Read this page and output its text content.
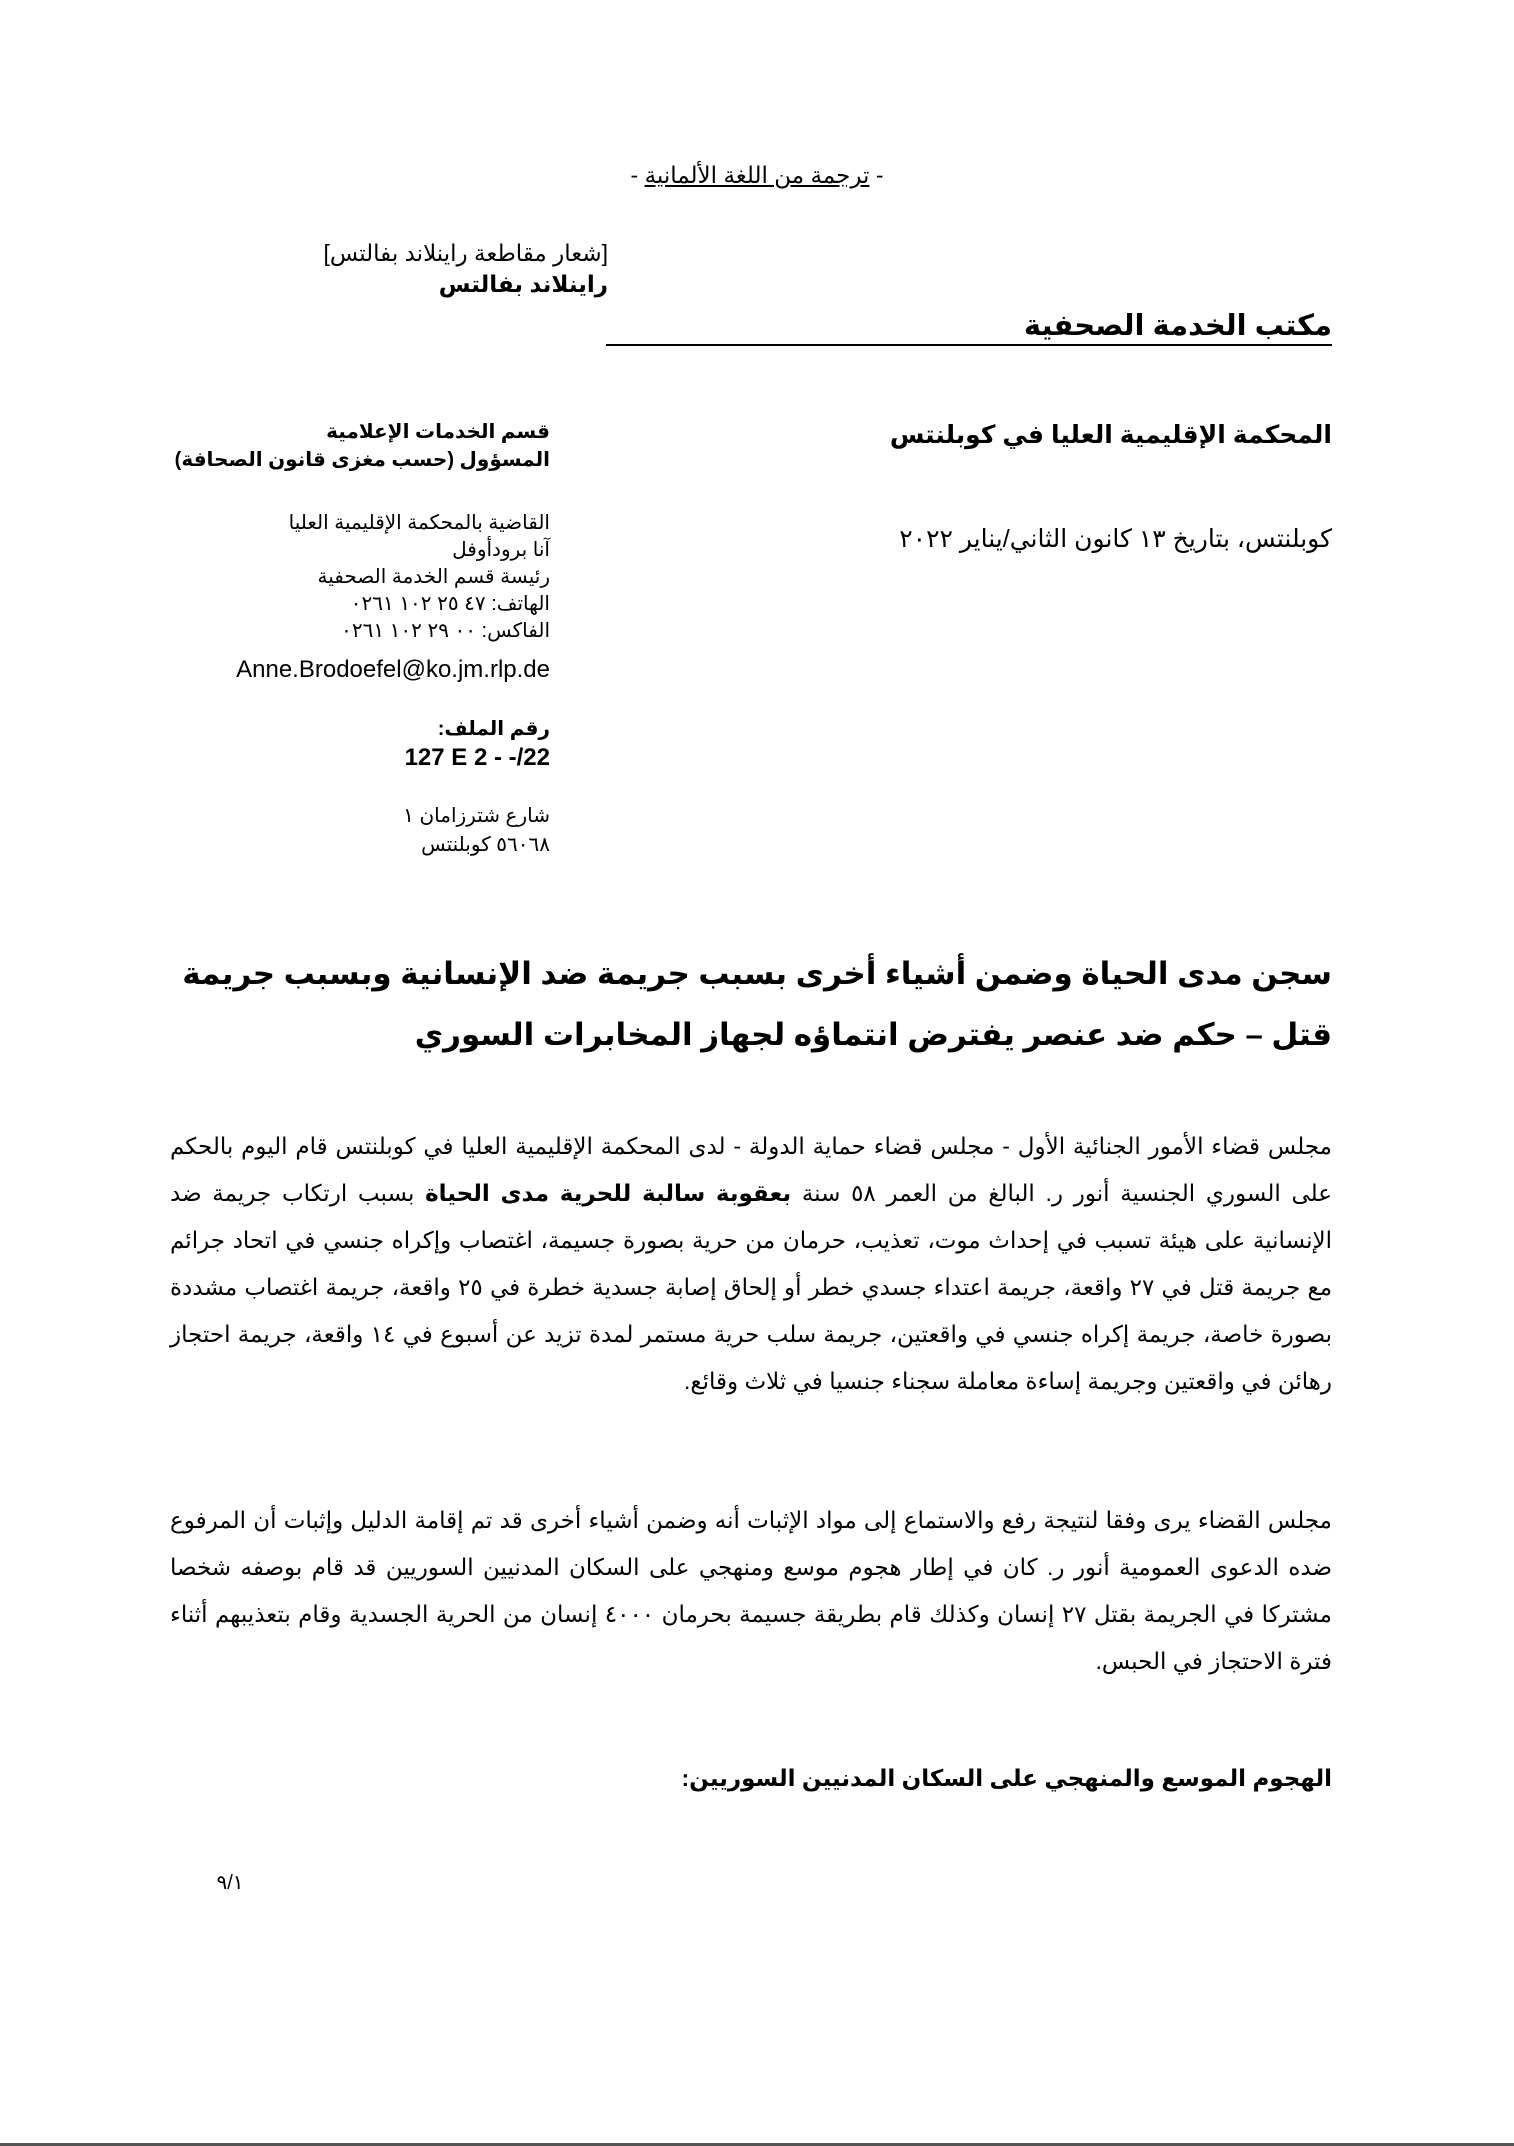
- ترجمة من اللغة الألمانية -
[شعار مقاطعة راينلاند بفالتس]
راينلاند بفالتس
مكتب الخدمة الصحفية
المحكمة الإقليمية العليا في كوبلنتس
كوبلنتس، بتاريخ ١٣ كانون الثاني/يناير ٢٠٢٢
قسم الخدمات الإعلامية
المسؤول (حسب مغزى قانون الصحافة)
القاضية بالمحكمة الإقليمية العليا
آنا برودأوفل
رئيسة قسم الخدمة الصحفية
الهاتف: ٤٧ ٢٥ ١٠٢ ٠٢٦١
الفاكس: ٠٠ ٢٩ ١٠٢ ٠٢٦١
Anne.Brodoefel@ko.jm.rlp.de
رقم الملف:
127 E 2 - -/22
شارع شترزامان ١
٥٦٠٦٨ كوبلنتس
سجن مدى الحياة وضمن أشياء أخرى بسبب جريمة ضد الإنسانية وبسبب جريمة قتل – حكم ضد عنصر يفترض انتماؤه لجهاز المخابرات السوري
مجلس قضاء الأمور الجنائية الأول - مجلس قضاء حماية الدولة - لدى المحكمة الإقليمية العليا في كوبلنتس قام اليوم بالحكم على السوري الجنسية أنور ر. البالغ من العمر ٥٨ سنة بعقوبة سالبة للحرية مدى الحياة بسبب ارتكاب جريمة ضد الإنسانية على هيئة تسبب في إحداث موت، تعذيب، حرمان من حرية بصورة جسيمة، اغتصاب وإكراه جنسي في اتحاد جرائم مع جريمة قتل في ٢٧ واقعة، جريمة اعتداء جسدي خطر أو إلحاق إصابة جسدية خطرة في ٢٥ واقعة، جريمة اغتصاب مشددة بصورة خاصة، جريمة إكراه جنسي في واقعتين، جريمة سلب حرية مستمر لمدة تزيد عن أسبوع في ١٤ واقعة، جريمة احتجاز رهائن في واقعتين وجريمة إساءة معاملة سجناء جنسيا في ثلاث وقائع.
مجلس القضاء يرى وفقا لنتيجة رفع والاستماع إلى مواد الإثبات أنه وضمن أشياء أخرى قد تم إقامة الدليل وإثبات أن المرفوع ضده الدعوى العمومية أنور ر. كان في إطار هجوم موسع ومنهجي على السكان المدنيين السوريين قد قام بوصفه شخصا مشتركا في الجريمة بقتل ٢٧ إنسان وكذلك قام بطريقة جسيمة بحرمان ٤٠٠٠ إنسان من الحرية الجسدية وقام بتعذيبهم أثناء فترة الاحتجاز في الحبس.
الهجوم الموسع والمنهجي على السكان المدنيين السوريين:
٩/١
